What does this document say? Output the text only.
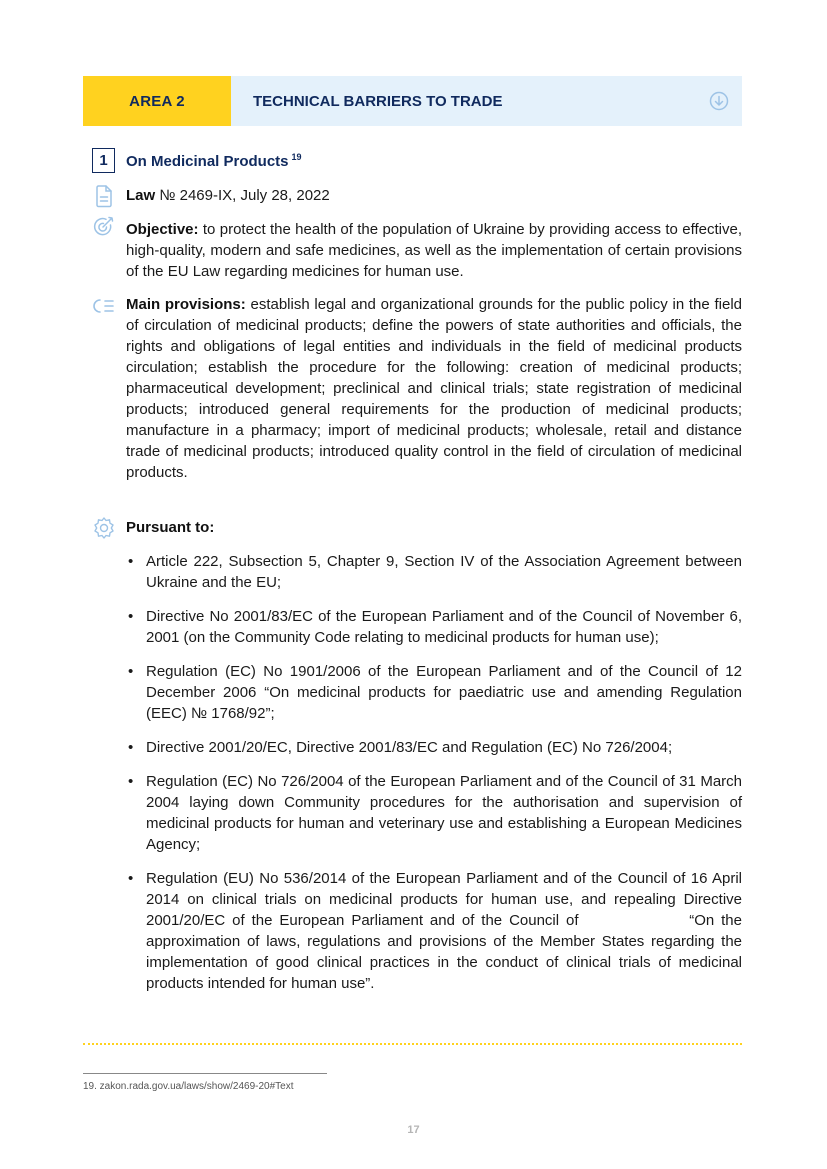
AREA 2	TECHNICAL BARRIERS TO TRADE
1	On Medicinal Products $^{19}$
Law № 2469-IX, July 28, 2022
Objective: to protect the health of the population of Ukraine by providing access to effective, high-quality, modern and safe medicines, as well as the implementation of certain provisions of the EU Law regarding medicines for human use.
Main provisions: establish legal and organizational grounds for the public policy in the field of circulation of medicinal products; define the powers of state authorities and officials, the rights and obligations of legal entities and individuals in the field of medicinal products circulation; establish the procedure for the following: creation of medicinal products; pharmaceutical development; preclinical and clinical trials; state registration of medicinal products; introduced general requirements for the production of medicinal products; manufacture in a pharmacy; import of medicinal products; wholesale, retail and distance trade of medicinal products; introduced quality control in the field of circulation of medicinal products.
Pursuant to:
• Article 222, Subsection 5, Chapter 9, Section IV of the Association Agreement between Ukraine and the EU;
• Directive No 2001/83/EC of the European Parliament and of the Council of November 6, 2001 (on the Community Code relating to medicinal products for human use);
• Regulation (EC) No 1901/2006 of the European Parliament and of the Council of 12 December 2006 “On medicinal products for paediatric use and amending Regulation (EEC) № 1768/92”;
• Directive 2001/20/EC, Directive 2001/83/EC and Regulation (EC) No 726/2004;
• Regulation (EC) No 726/2004 of the European Parliament and of the Council of 31 March 2004 laying down Community procedures for the authorisation and supervision of medicinal products for human and veterinary use and establishing a European Medicines Agency;
• Regulation (EU) No 536/2014 of the European Parliament and of the Council of 16 April 2014 on clinical trials on medicinal products for human use, and repealing Directive 2001/20/EC of the European Parliament and of the Council of                “On the approximation of laws, regulations and provisions of the Member States regarding the implementation of good clinical practices in the conduct of clinical trials of medicinal products intended for human use”.
19. zakon.rada.gov.ua/laws/show/2469-20#Text
17
